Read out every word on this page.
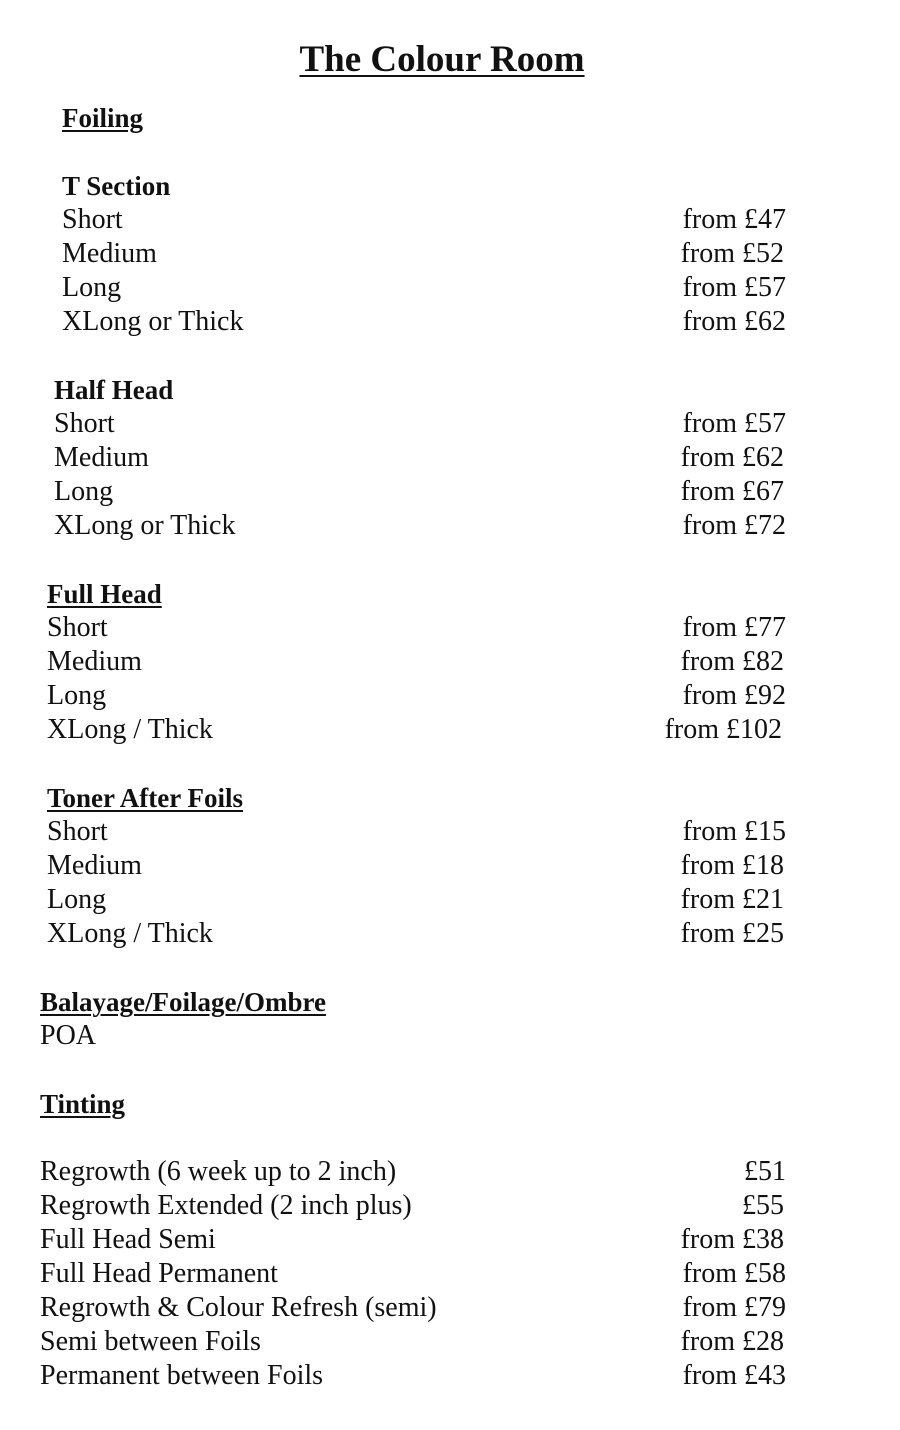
The Colour Room
Foiling
T Section
Short	from £47
Medium	from £52
Long	from £57
XLong or Thick	from £62
Half Head
Short	from £57
Medium	from £62
Long	from £67
XLong or Thick	from £72
Full Head
Short	from £77
Medium	from £82
Long	from £92
XLong / Thick	from £102
Toner After Foils
Short	from £15
Medium	from £18
Long	from £21
XLong / Thick	from £25
Balayage/Foilage/Ombre
POA
Tinting
Regrowth (6 week up to 2 inch)	£51
Regrowth Extended (2 inch plus)	£55
Full Head Semi	from £38
Full Head Permanent	from £58
Regrowth & Colour Refresh (semi)	from £79
Semi between Foils	from £28
Permanent between Foils	from £43
